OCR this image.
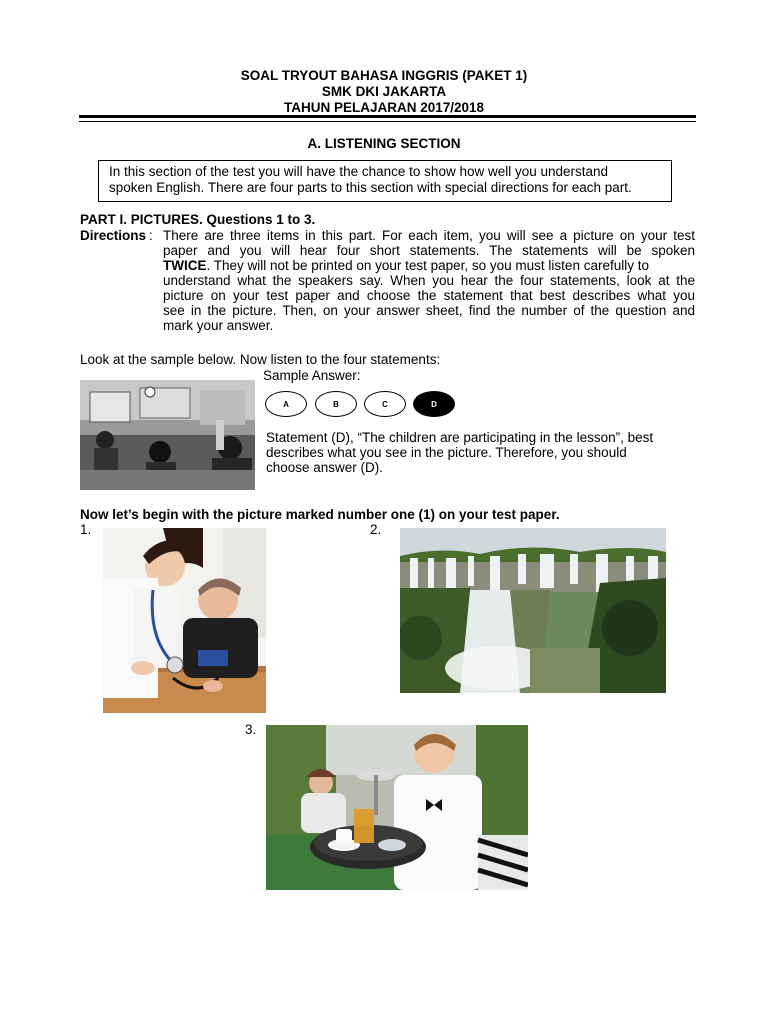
SOAL TRYOUT BAHASA INGGRIS (PAKET 1)
SMK DKI JAKARTA
TAHUN PELAJARAN 2017/2018
A. LISTENING SECTION
In this section of the test you will have the chance to show how well you understand
spoken English. There are four parts to this section with special directions for each part.
PART I. PICTURES. Questions 1 to 3.
Directions : There are three items in this part. For each item, you will see a picture on your test
paper and you will hear four short statements. The statements will be spoken
TWICE. They will not be printed on your test paper, so you must listen carefully to
understand what the speakers say. When you hear the four statements, look at the
picture on your test paper and choose the statement that best describes what you
see in the picture. Then, on your answer sheet, find the number of the question and
mark your answer.
Look at the sample below. Now listen to the four statements:
Sample Answer:
A	B	C	D
Statement (D), “The children are participating in the lesson”, best
describes what you see in the picture. Therefore, you should
choose answer (D).
Now let’s begin with the picture marked number one (1) on your test paper.
1.	2.
3.
